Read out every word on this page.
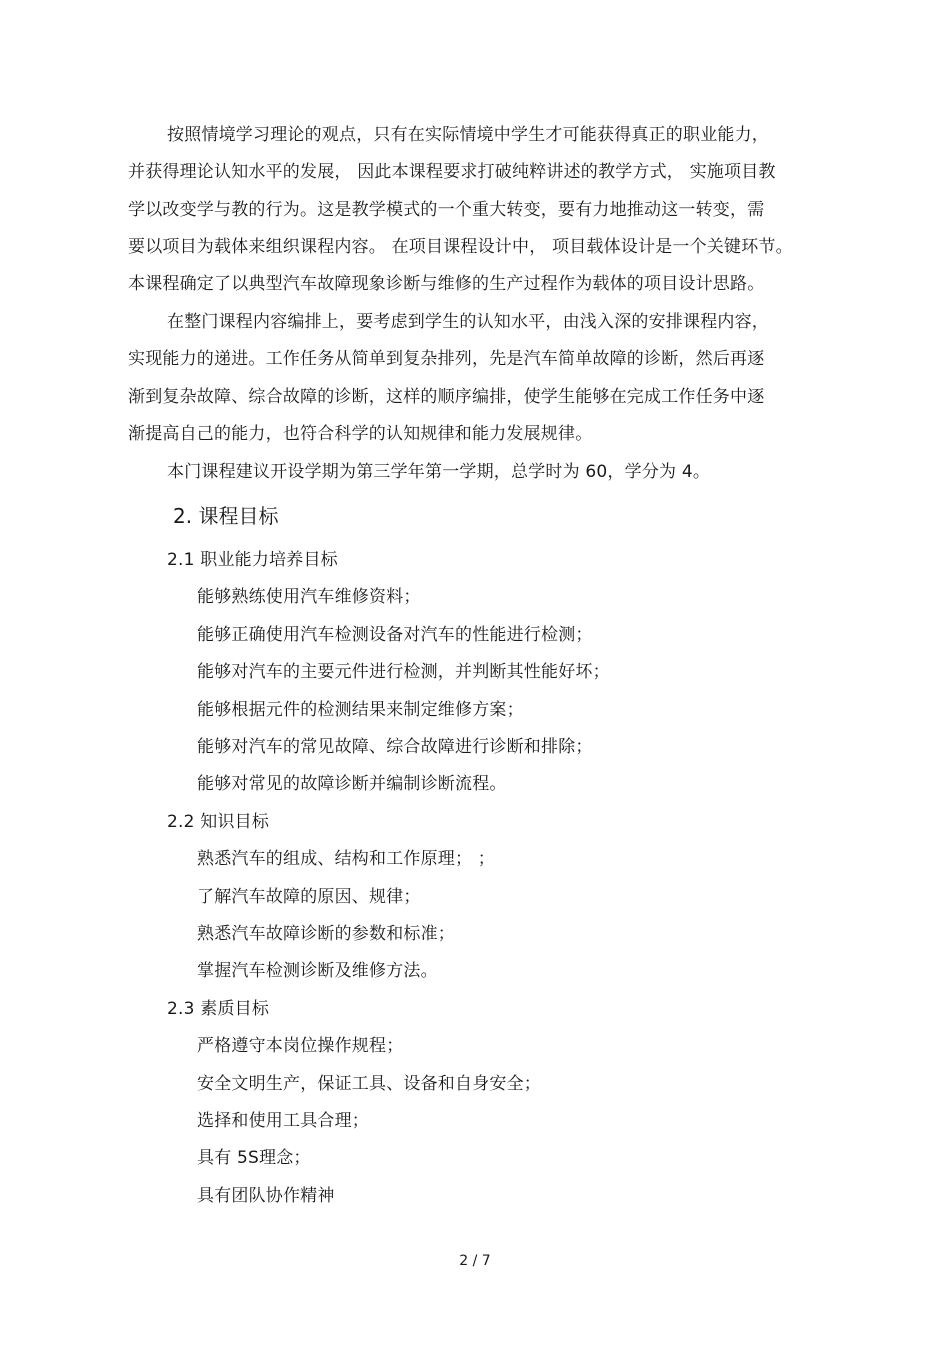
按照情境学习理论的观点，只有在实际情境中学生才可能获得真正的职业能力，
并获得理论认知水平的发展， 因此本课程要求打破纯粹讲述的教学方式， 实施项目教
学以改变学与教的行为。这是教学模式的一个重大转变，要有力地推动这一转变，需
要以项目为载体来组织课程内容。 在项目课程设计中， 项目载体设计是一个关键环节。
本课程确定了以典型汽车故障现象诊断与维修的生产过程作为载体的项目设计思路。
在整门课程内容编排上，要考虑到学生的认知水平，由浅入深的安排课程内容，
实现能力的递进。工作任务从简单到复杂排列，先是汽车简单故障的诊断，然后再逐
渐到复杂故障、综合故障的诊断，这样的顺序编排，使学生能够在完成工作任务中逐
渐提高自己的能力，也符合科学的认知规律和能力发展规律。
本门课程建议开设学期为第三学年第一学期，总学时为 60，学分为 4。
2. 课程目标
2.1 职业能力培养目标
能够熟练使用汽车维修资料；
能够正确使用汽车检测设备对汽车的性能进行检测；
能够对汽车的主要元件进行检测，并判断其性能好坏；
能够根据元件的检测结果来制定维修方案；
能够对汽车的常见故障、综合故障进行诊断和排除；
能够对常见的故障诊断并编制诊断流程。
2.2 知识目标
熟悉汽车的组成、结构和工作原理； ；
了解汽车故障的原因、规律；
熟悉汽车故障诊断的参数和标准；
掌握汽车检测诊断及维修方法。
2.3 素质目标
严格遵守本岗位操作规程；
安全文明生产，保证工具、设备和自身安全；
选择和使用工具合理；
具有 5S理念；
具有团队协作精神
2 / 7
